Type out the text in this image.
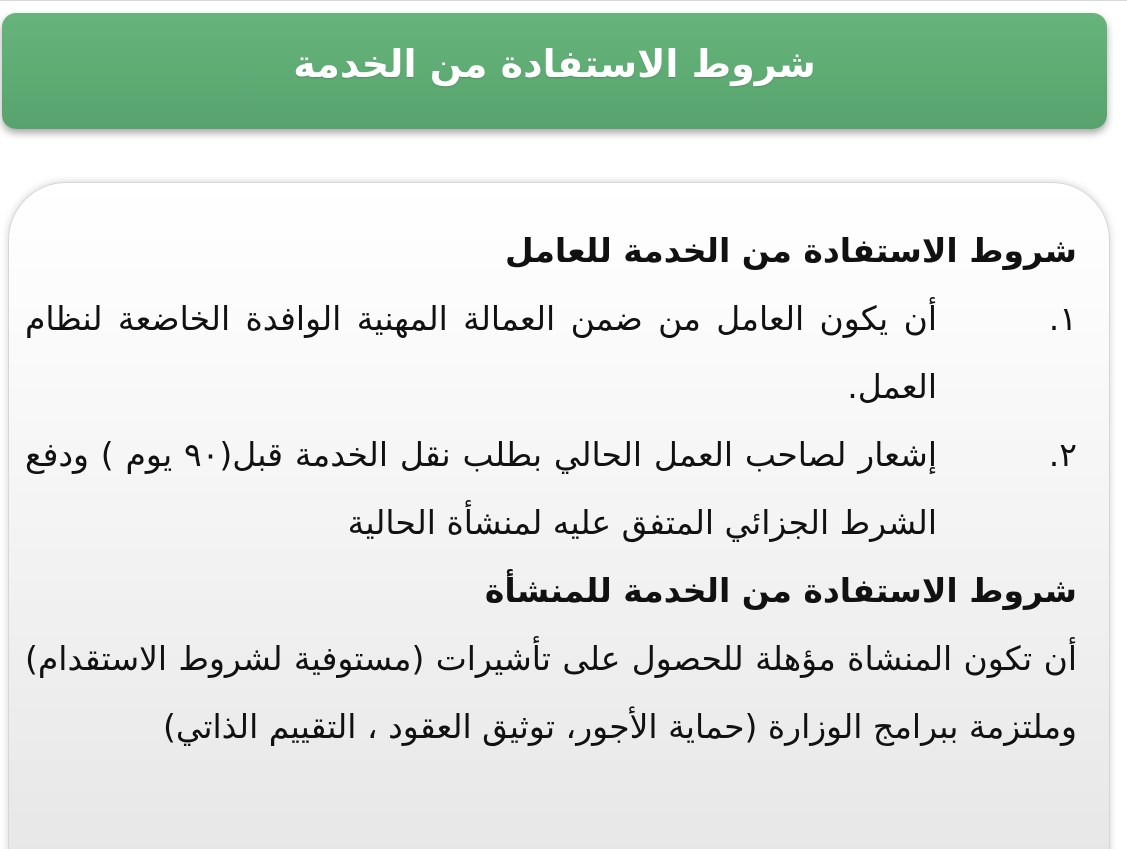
شروط الاستفادة من الخدمة

شروط الاستفادة من الخدمة للعامل

١.
أن يكون العامل من ضمن العمالة المهنية الوافدة الخاضعة لنظام العمل.
٢.
إشعار لصاحب العمل الحالي بطلب نقل الخدمة قبل(٩٠ يوم ) ودفع الشرط الجزائي المتفق عليه لمنشأة الحالية

شروط الاستفادة من الخدمة للمنشأة

أن تكون المنشاة مؤهلة للحصول على تأشيرات (مستوفية لشروط الاستقدام) وملتزمة ببرامج الوزارة (حماية الأجور، توثيق العقود ، التقييم الذاتي)
